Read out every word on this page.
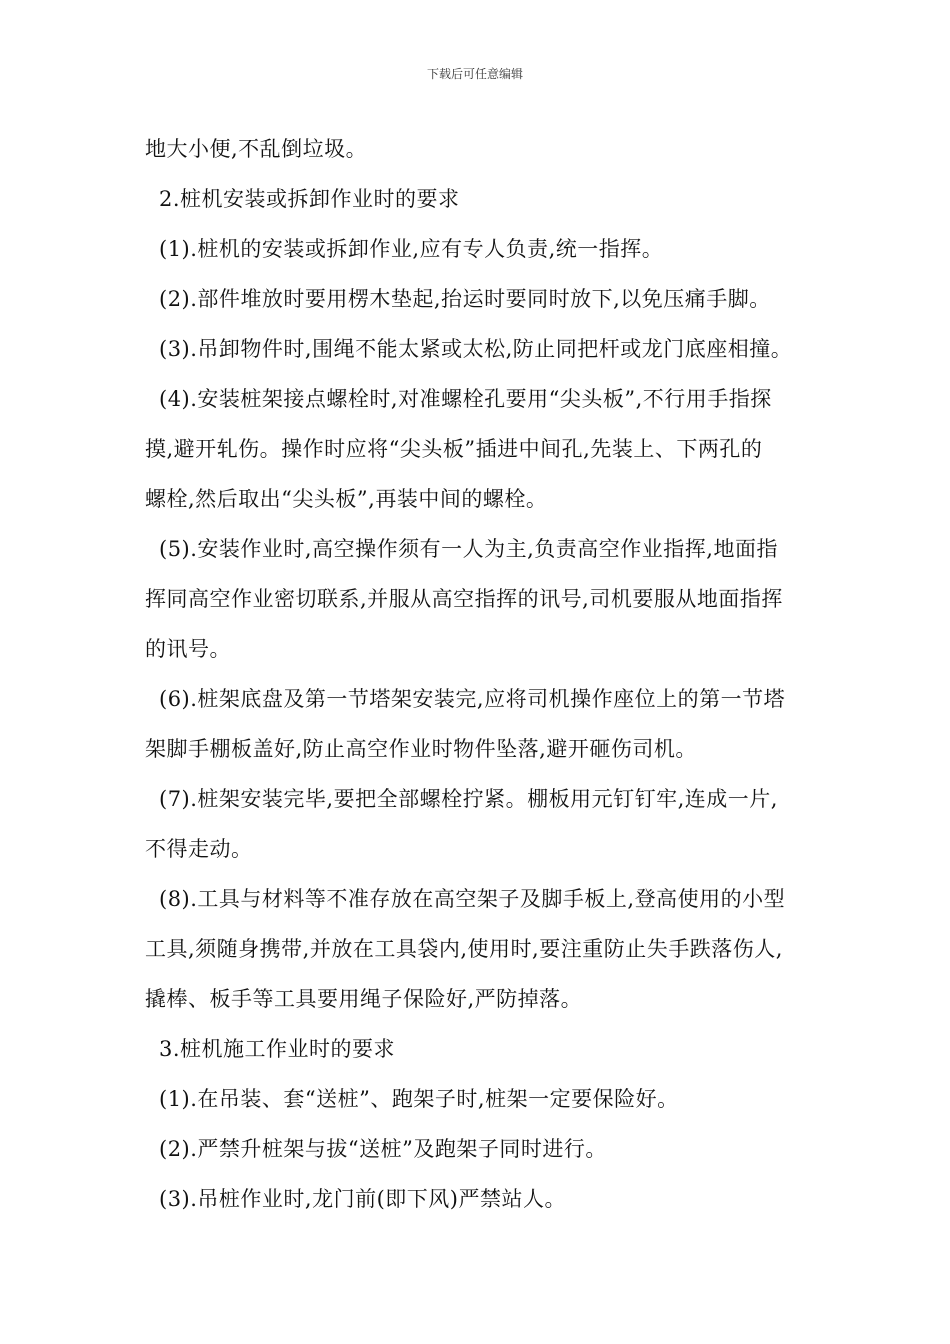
下载后可任意编辑
地大小便,不乱倒垃圾。
2.桩机安装或拆卸作业时的要求
(1).桩机的安装或拆卸作业,应有专人负责,统一指挥。
(2).部件堆放时要用楞木垫起,抬运时要同时放下,以免压痛手脚。
(3).吊卸物件时,围绳不能太紧或太松,防止同把杆或龙门底座相撞。
(4).安装桩架接点螺栓时,对准螺栓孔要用“尖头板”,不行用手指探
摸,避开轧伤。操作时应将“尖头板”插进中间孔,先装上、下两孔的
螺栓,然后取出“尖头板”,再装中间的螺栓。
(5).安装作业时,高空操作须有一人为主,负责高空作业指挥,地面指
挥同高空作业密切联系,并服从高空指挥的讯号,司机要服从地面指挥
的讯号。
(6).桩架底盘及第一节塔架安装完,应将司机操作座位上的第一节塔
架脚手棚板盖好,防止高空作业时物件坠落,避开砸伤司机。
(7).桩架安装完毕,要把全部螺栓拧紧。棚板用元钉钉牢,连成一片,
不得走动。
(8).工具与材料等不准存放在高空架子及脚手板上,登高使用的小型
工具,须随身携带,并放在工具袋内,使用时,要注重防止失手跌落伤人,
撬棒、板手等工具要用绳子保险好,严防掉落。
3.桩机施工作业时的要求
(1).在吊装、套“送桩”、跑架子时,桩架一定要保险好。
(2).严禁升桩架与拔“送桩”及跑架子同时进行。
(3).吊桩作业时,龙门前(即下风)严禁站人。
